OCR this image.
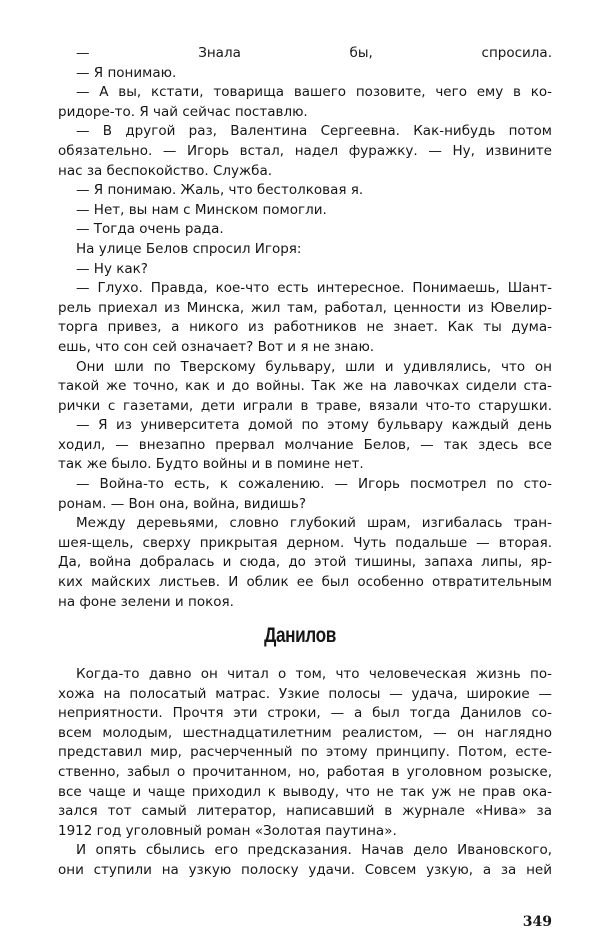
— Знала бы, спросила.
— Я понимаю.
— А вы, кстати, товарища вашего позовите, чего ему в ко-
ридоре-то. Я чай сейчас поставлю.
— В другой раз, Валентина Сергеевна. Как-нибудь потом
обязательно. — Игорь встал, надел фуражку. — Ну, извините
нас за беспокойство. Служба.
— Я понимаю. Жаль, что бестолковая я.
— Нет, вы нам с Минском помогли.
— Тогда очень рада.
На улице Белов спросил Игоря:
— Ну как?
— Глухо. Правда, кое-что есть интересное. Понимаешь, Шант-
рель приехал из Минска, жил там, работал, ценности из Ювелир-
торга привез, а никого из работников не знает. Как ты дума-
ешь, что сон сей означает? Вот и я не знаю.
Они шли по Тверскому бульвару, шли и удивлялись, что он
такой же точно, как и до войны. Так же на лавочках сидели ста-
рички с газетами, дети играли в траве, вязали что-то старушки.
— Я из университета домой по этому бульвару каждый день
ходил, — внезапно прервал молчание Белов, — так здесь все
так же было. Будто войны и в помине нет.
— Война-то есть, к сожалению. — Игорь посмотрел по сто-
ронам. — Вон она, война, видишь?
Между деревьями, словно глубокий шрам, изгибалась тран-
шея-щель, сверху прикрытая дерном. Чуть подальше — вторая.
Да, война добралась и сюда, до этой тишины, запаха липы, яр-
ких майских листьев. И облик ее был особенно отвратительным
на фоне зелени и покоя.
Данилов
Когда-то давно он читал о том, что человеческая жизнь по-
хожа на полосатый матрас. Узкие полосы — удача, широкие —
неприятности. Прочтя эти строки, — а был тогда Данилов со-
всем молодым, шестнадцатилетним реалистом, — он наглядно
представил мир, расчерченный по этому принципу. Потом, есте-
ственно, забыл о прочитанном, но, работая в уголовном розыске,
все чаще и чаще приходил к выводу, что не так уж не прав ока-
зался тот самый литератор, написавший в журнале «Нива» за
1912 год уголовный роман «Золотая паутина».
И опять сбылись его предсказания. Начав дело Ивановского,
они ступили на узкую полоску удачи. Совсем узкую, а за ней
349
